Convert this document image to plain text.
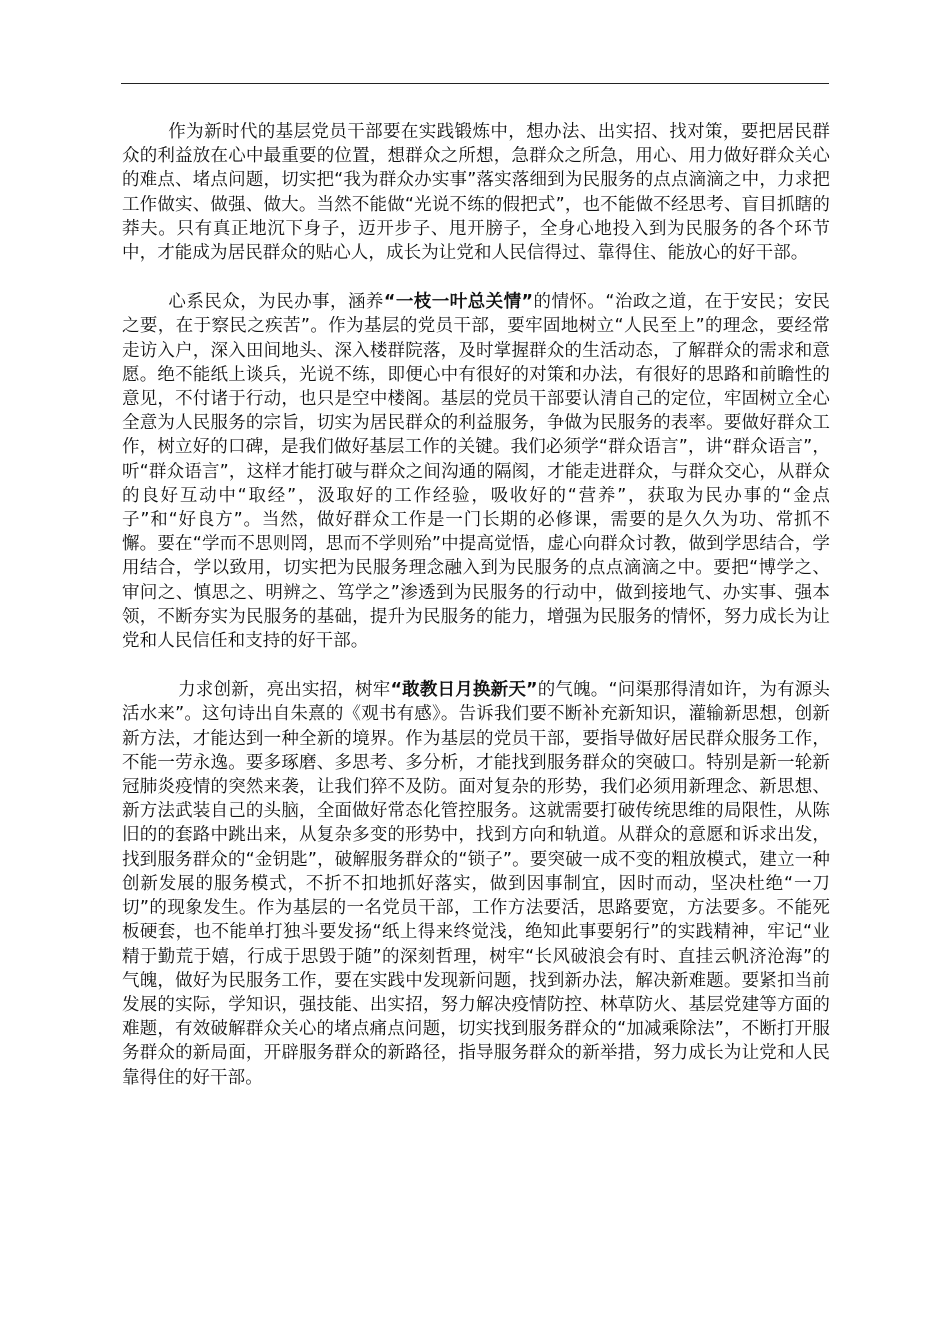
作为新时代的基层党员干部要在实践锻炼中，想办法、出实招、找对策，要把居民群众的利益放在心中最重要的位置，想群众之所想，急群众之所急，用心、用力做好群众关心的难点、堵点问题，切实把“我为群众办实事”落实落细到为民服务的点点滴滴之中，力求把工作做实、做强、做大。当然不能做“光说不练的假把式”，也不能做不经思考、盲目抓瞎的莽夫。只有真正地沉下身子，迈开步子、甩开膀子，全身心地投入到为民服务的各个环节中，才能成为居民群众的贴心人，成长为让党和人民信得过、靠得住、能放心的好干部。

心系民众，为民办事，涵养“一枝一叶总关情”的情怀。“治政之道，在于安民；安民之要，在于察民之疾苦”。作为基层的党员干部，要牢固地树立“人民至上”的理念，要经常走访入户，深入田间地头、深入楼群院落，及时掌握群众的生活动态，了解群众的需求和意愿。绝不能纸上谈兵，光说不练，即便心中有很好的对策和办法，有很好的思路和前瞻性的意见，不付诸于行动，也只是空中楼阁。基层的党员干部要认清自己的定位，牢固树立全心全意为人民服务的宗旨，切实为居民群众的利益服务，争做为民服务的表率。要做好群众工作，树立好的口碑，是我们做好基层工作的关键。我们必须学“群众语言”，讲“群众语言”，听“群众语言”，这样才能打破与群众之间沟通的隔阂，才能走进群众，与群众交心，从群众的良好互动中“取经”，汲取好的工作经验，吸收好的“营养”，获取为民办事的“金点子”和“好良方”。当然，做好群众工作是一门长期的必修课，需要的是久久为功、常抓不懈。要在“学而不思则罔，思而不学则殆”中提高觉悟，虚心向群众讨教，做到学思结合，学用结合，学以致用，切实把为民服务理念融入到为民服务的点点滴滴之中。要把“博学之、审问之、慎思之、明辨之、笃学之”渗透到为民服务的行动中，做到接地气、办实事、强本领，不断夯实为民服务的基础，提升为民服务的能力，增强为民服务的情怀，努力成长为让党和人民信任和支持的好干部。

力求创新，亮出实招，树牢“敢教日月换新天”的气魄。“问渠那得清如许，为有源头活水来”。这句诗出自朱熹的《观书有感》。告诉我们要不断补充新知识，灌输新思想，创新新方法，才能达到一种全新的境界。作为基层的党员干部，要指导做好居民群众服务工作，不能一劳永逸。要多琢磨、多思考、多分析，才能找到服务群众的突破口。特别是新一轮新冠肺炎疫情的突然来袭，让我们猝不及防。面对复杂的形势，我们必须用新理念、新思想、新方法武装自己的头脑，全面做好常态化管控服务。这就需要打破传统思维的局限性，从陈旧的的套路中跳出来，从复杂多变的形势中，找到方向和轨道。从群众的意愿和诉求出发，找到服务群众的“金钥匙”，破解服务群众的“锁子”。要突破一成不变的粗放模式，建立一种创新发展的服务模式，不折不扣地抓好落实，做到因事制宜，因时而动，坚决杜绝“一刀切”的现象发生。作为基层的一名党员干部，工作方法要活，思路要宽，方法要多。不能死板硬套，也不能单打独斗要发扬“纸上得来终觉浅，绝知此事要躬行”的实践精神，牢记“业精于勤荒于嬉，行成于思毁于随”的深刻哲理，树牢“长风破浪会有时、直挂云帆济沧海”的气魄，做好为民服务工作，要在实践中发现新问题，找到新办法，解决新难题。要紧扣当前发展的实际，学知识，强技能、出实招，努力解决疫情防控、林草防火、基层党建等方面的难题，有效破解群众关心的堵点痛点问题，切实找到服务群众的“加减乘除法”，不断打开服务群众的新局面，开辟服务群众的新路径，指导服务群众的新举措，努力成长为让党和人民靠得住的好干部。
